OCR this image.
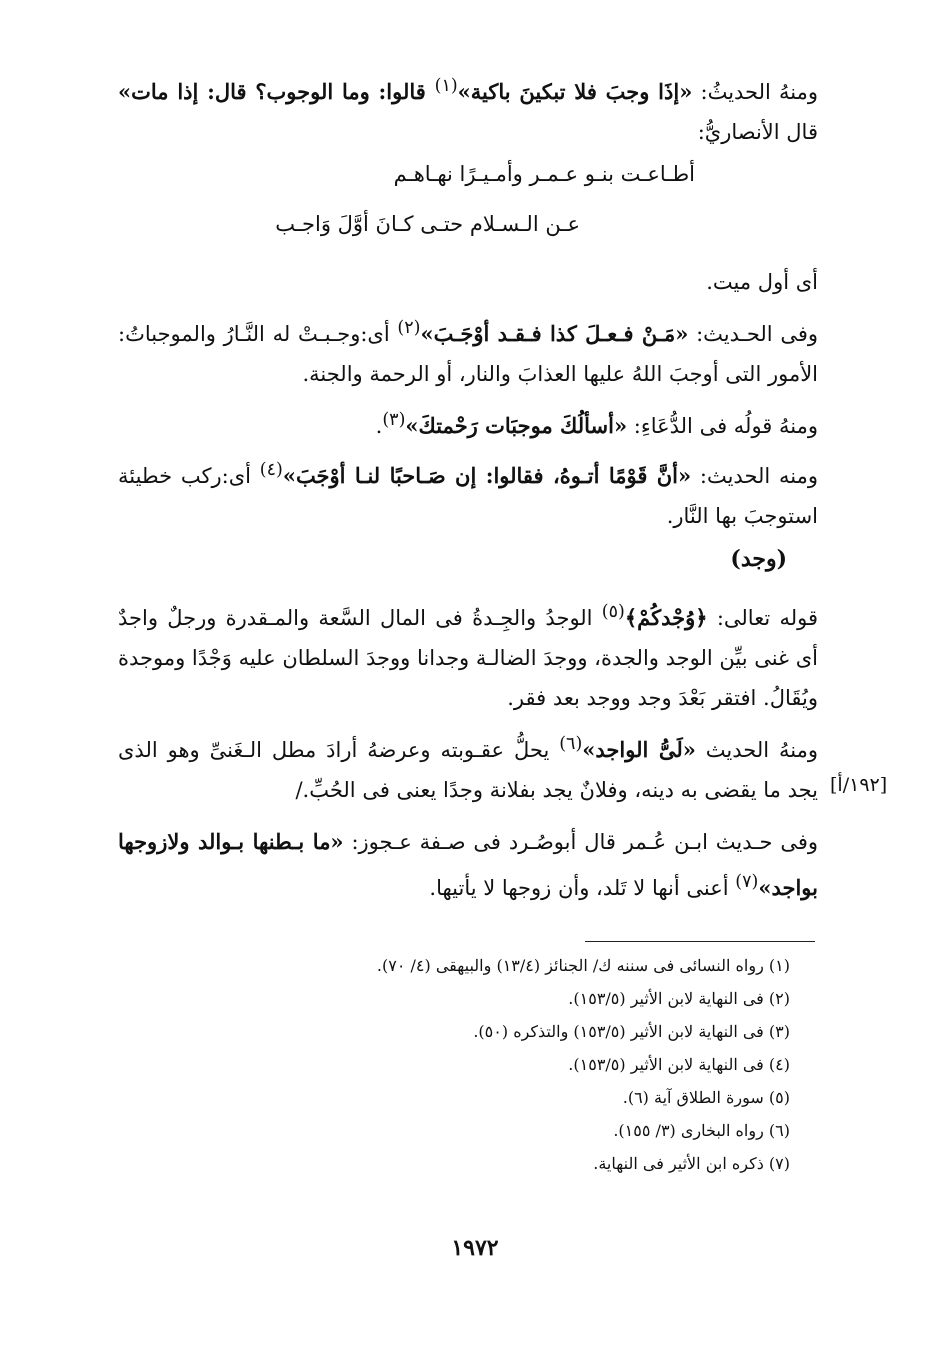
ومنهُ الحديثُ: «إذَا وجبَ فلا تبكينَ باكية»$^{(١)}$ قالوا: وما الوجوب؟ قال: إذا مات» قال الأنصاريُّ:

أطـاعـت بنـو عـمـر وأمـيـرًا نهـاهـم
عـن الـسـلام حتـى كـانَ أوَّلَ وَاجـب

أى أول ميت.

وفى الحـديث: «مَـنْ فـعـلَ كذا فـقـد أوْجَـبَ»$^{(٢)}$ أى:وجـبـتْ له النَّـارُ والموجباتُ: الأمور التى أوجبَ اللهُ عليها العذابَ والنار، أو الرحمة والجنة.

ومنهُ قولُه فى الدُّعَاءِ: «أسألُكَ موجبَات رَحْمتكَ»$^{(٣)}$.

ومنه الحديث: «أنَّ قَوْمًا أتـوهُ، فقالوا: إن صَـاحبًا لنـا أوْجَبَ»$^{(٤)}$ أى:ركب خطيئة استوجبَ بها النَّار.

(وجد)

قوله تعالى: ﴿وُجْدكُمْ﴾$^{(٥)}$ الوجدُ والجِـدةُ فى المال السَّعة والمـقدرة ورجلٌ واجدٌ أى غنى بيِّن الوجد والجدة، ووجدَ الضالـة وجدانا ووجدَ السلطان عليه وَجْدًا وموجدة ويُقَالُ. افتقر بَعْدَ وجد ووجد بعد فقر.

ومنهُ الحديث «لَىُّ الواجد»$^{(٦)}$ يحلُّ عقـوبته وعرضهُ أرادَ مطل الـغَنىِّ وهو الذى يجد ما يقضى به دينه، وفلانٌ يجد بفلانة وجدًا يعنى فى الحُبِّ./ [١٩٢/أ]

وفى حـديث ابـن عُـمر قال أبوصُـرد فى صـفة عـجوز: «ما بـطنها بـوالد ولازوجها بواجد»$^{(٧)}$ أعنى أنها لا تَلد، وأن زوجها لا يأتيها.

(١) رواه النسائى فى سننه ك/ الجنائز (١٣/٤) والبيهقى (٤/ ٧٠).
(٢) فى النهاية لابن الأثير (١٥٣/٥).
(٣) فى النهاية لابن الأثير (١٥٣/٥) والتذكره (٥٠).
(٤) فى النهاية لابن الأثير (١٥٣/٥).
(٥) سورة الطلاق آية (٦).
(٦) رواه البخارى (٣/ ١٥٥).
(٧) ذكره ابن الأثير فى النهاية.
١٩٧٢
